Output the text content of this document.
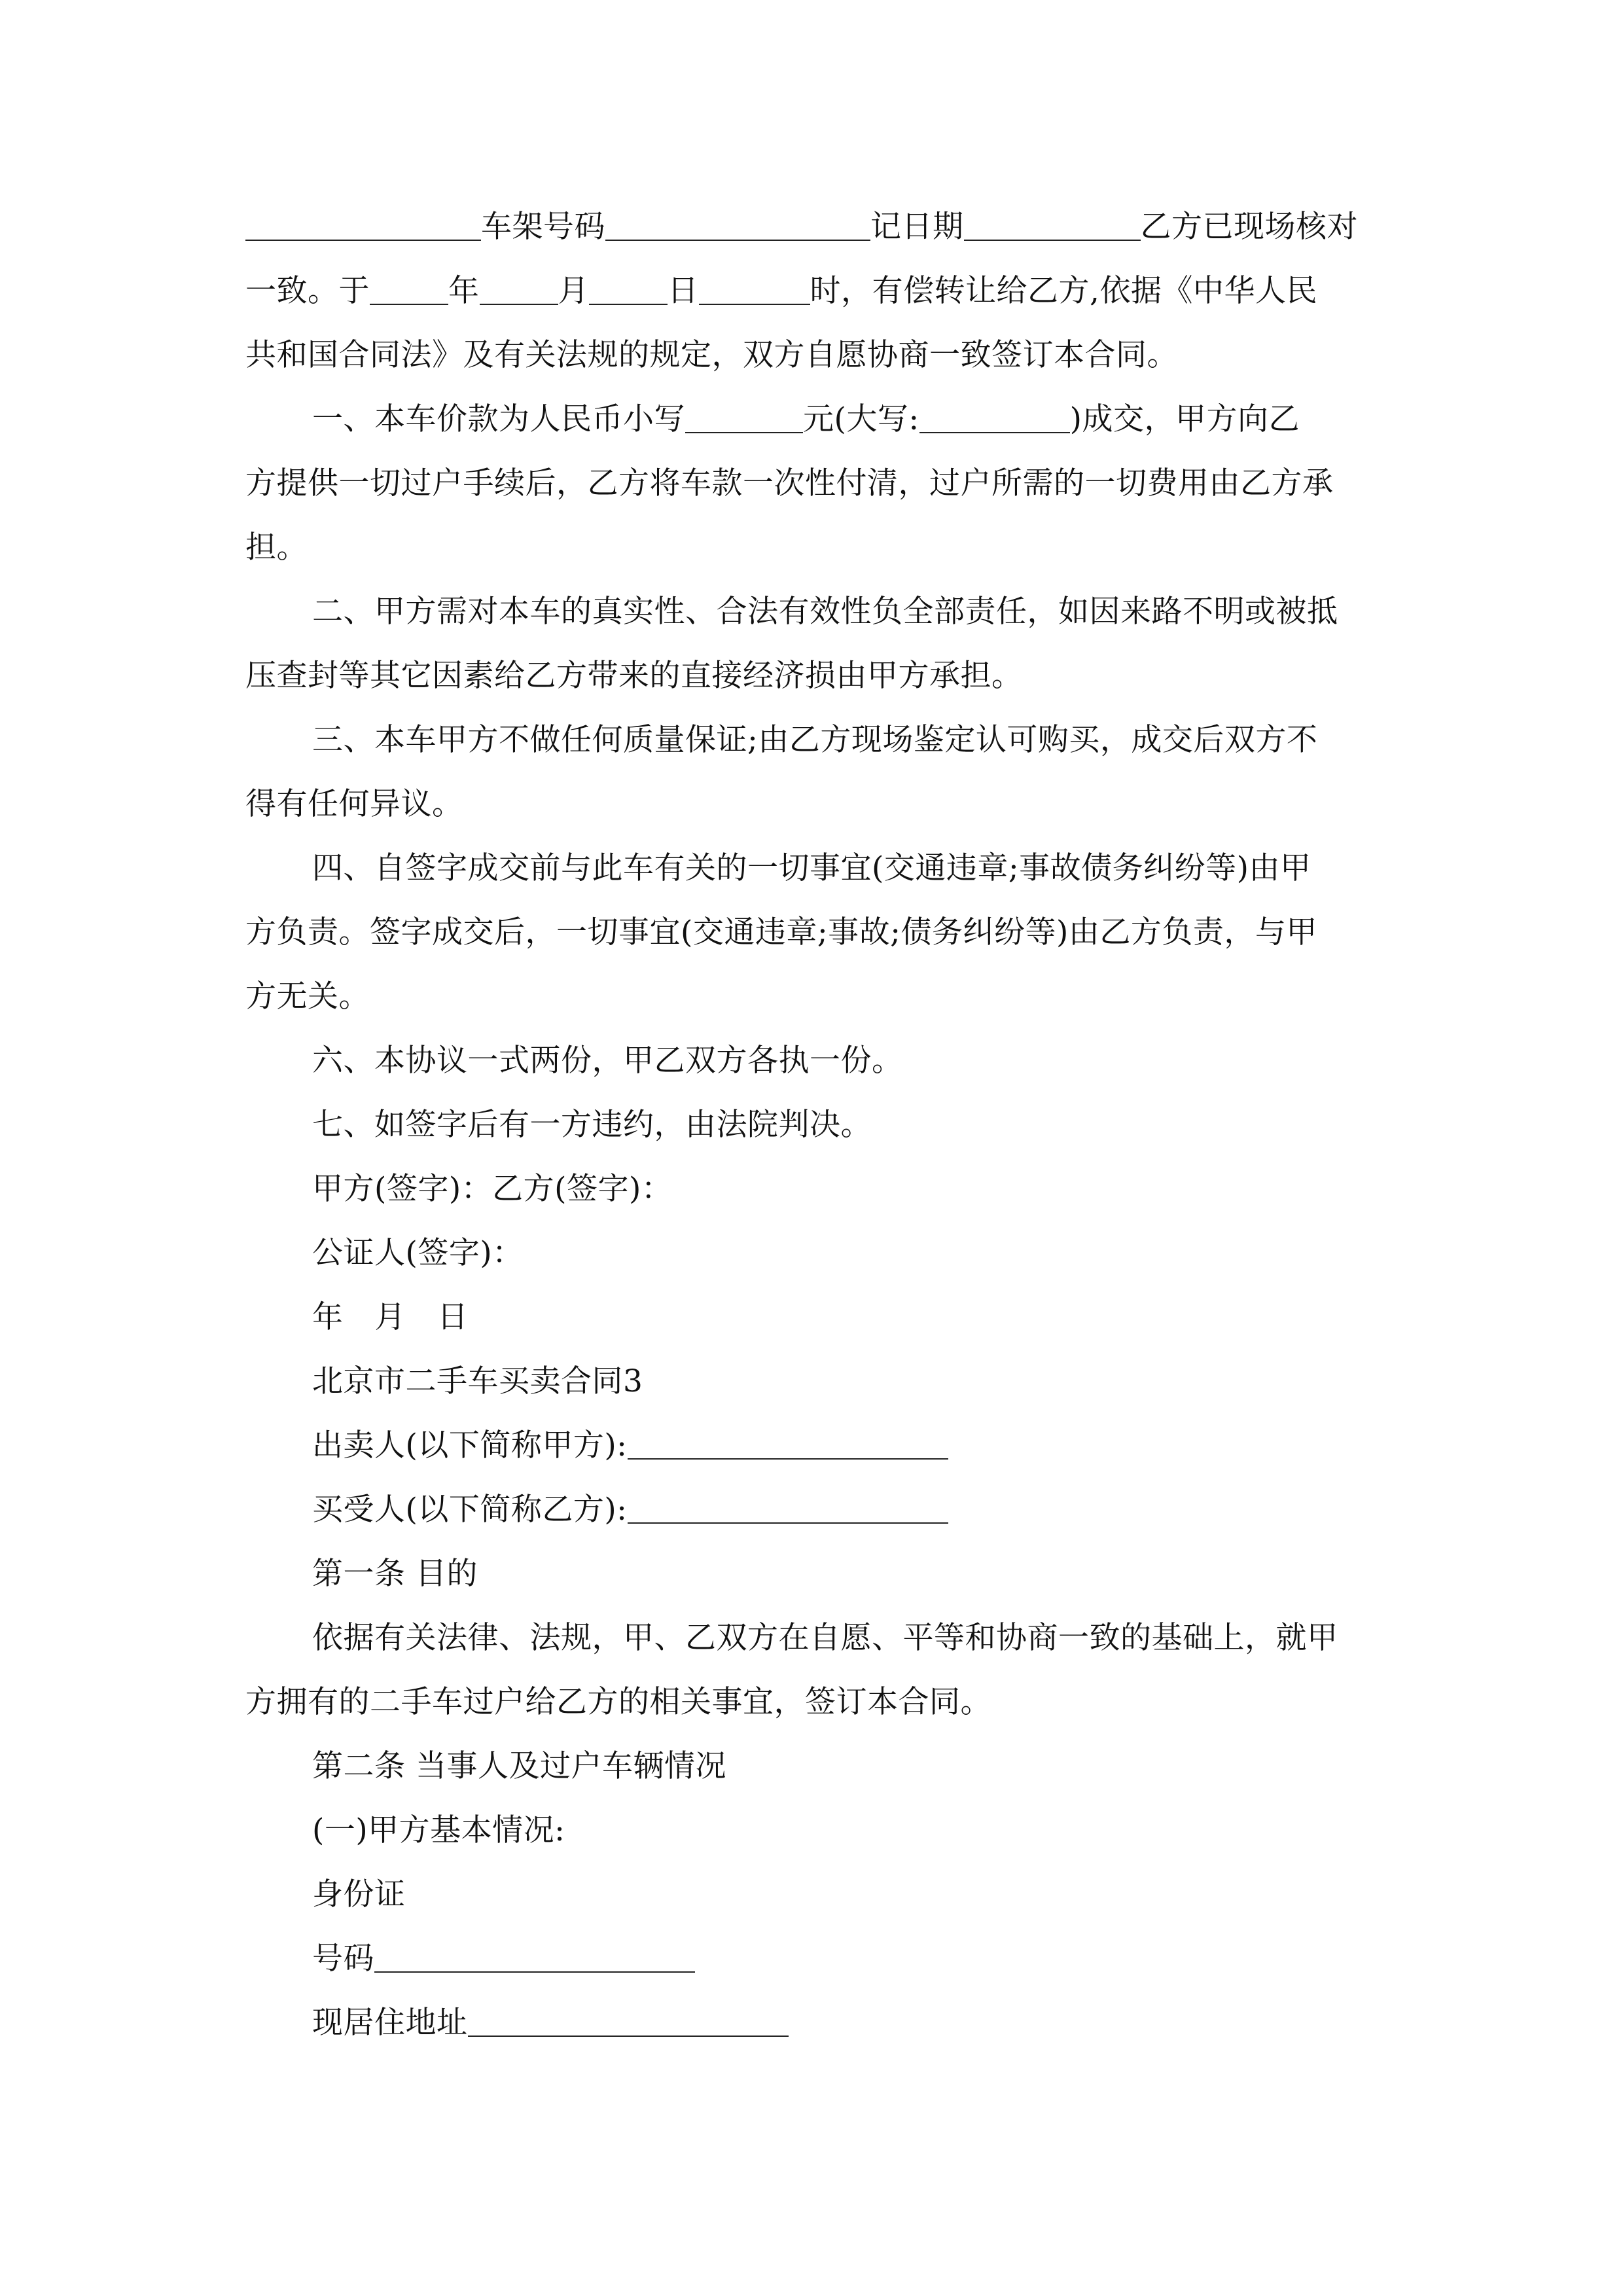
车架号码	记日期	乙方已现场核对
一致。于	年	月	日	时，有偿转让给乙方,依据《中华人民
共和国合同法》及有关法规的规定，双方自愿协商一致签订本合同。
一、本车价款为人民币小写	元(大写:	)成交，甲方向乙
方提供一切过户手续后，乙方将车款一次性付清，过户所需的一切费用由乙方承
担。
二、甲方需对本车的真实性、合法有效性负全部责任，如因来路不明或被抵
压查封等其它因素给乙方带来的直接经济损由甲方承担。
三、本车甲方不做任何质量保证;由乙方现场鉴定认可购买，成交后双方不
得有任何异议。
四、自签字成交前与此车有关的一切事宜(交通违章;事故债务纠纷等)由甲
方负责。签字成交后，一切事宜(交通违章;事故;债务纠纷等)由乙方负责，与甲
方无关。
六、本协议一式两份，甲乙双方各执一份。
七、如签字后有一方违约，由法院判决。
甲方(签字)：乙方(签字)：
公证人(签字)：
年 月 日
北京市二手车买卖合同3
出卖人(以下简称甲方):
买受人(以下简称乙方):
第一条 目的
依据有关法律、法规，甲、乙双方在自愿、平等和协商一致的基础上，就甲
方拥有的二手车过户给乙方的相关事宜，签订本合同。
第二条 当事人及过户车辆情况
(一)甲方基本情况:
身份证
号码
现居住地址
